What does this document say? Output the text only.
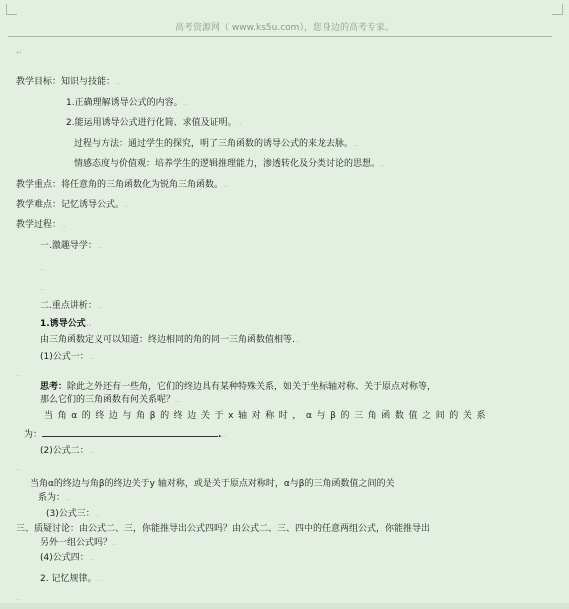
高考资源网（ www.ks5u.com），您身边的高考专家。
↵
教学目标：知识与技能：..
1.正确理解诱导公式的内容。..
2.能运用诱导公式进行化简、求值及证明。..
过程与方法：通过学生的探究，明了三角函数的诱导公式的来龙去脉。..
情感态度与价值观：培养学生的逻辑推理能力，渗透转化及分类讨论的思想。..
教学重点：将任意角的三角函数化为锐角三角函数。..
教学难点：记忆诱导公式。..
教学过程：..
一.激趣导学：..
..
..
二.重点讲析：..
1.诱导公式..
由三角函数定义可以知道：终边相同的角的同一三角函数值相等...
(1)公式一：..
..
思考：除此之外还有一些角，它们的终边具有某种特殊关系，如关于坐标轴对称、关于原点对称等，
那么它们的三角函数有何关系呢？..
当角α的终边与角β的终边关于x轴对称时，α与β的三角函数值之间的关系
为：	...
(2)公式二：..
..
当角α的终边与角β的终边关于y 轴对称，或是关于原点对称时，α与β的三角函数值之间的关
系为：..
(3)公式三：..
三、质疑讨论：由公式二、三，你能推导出公式四吗？由公式二、三、四中的任意两组公式，你能推导出
另外一组公式吗？..
(4)公式四：..
2. 记忆规律。..
..
